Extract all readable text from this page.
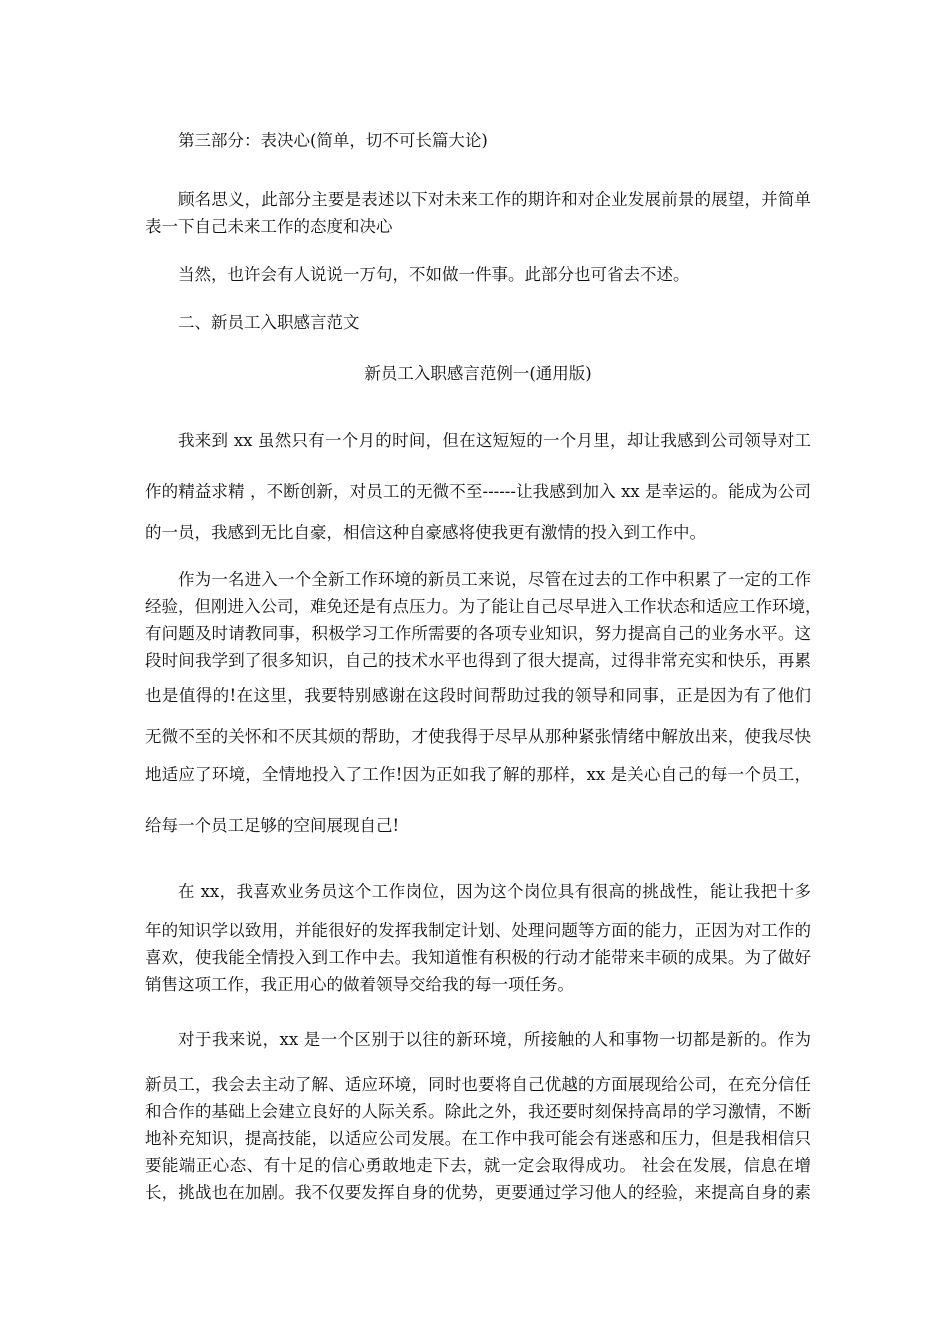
第三部分：表决心(简单，切不可长篇大论)
顾名思义，此部分主要是表述以下对未来工作的期许和对企业发展前景的展望，并简单
表一下自己未来工作的态度和决心
当然，也许会有人说说一万句，不如做一件事。此部分也可省去不述。
二、新员工入职感言范文
新员工入职感言范例一(通用版)
我来到 xx 虽然只有一个月的时间，但在这短短的一个月里，却让我感到公司领导对工
作的精益求精 ，不断创新，对员工的无微不至------让我感到加入 xx 是幸运的。能成为公司
的一员，我感到无比自豪，相信这种自豪感将使我更有激情的投入到工作中。
作为一名进入一个全新工作环境的新员工来说，尽管在过去的工作中积累了一定的工作
经验，但刚进入公司，难免还是有点压力。为了能让自己尽早进入工作状态和适应工作环境，
有问题及时请教同事，积极学习工作所需要的各项专业知识，努力提高自己的业务水平。这
段时间我学到了很多知识，自己的技术水平也得到了很大提高，过得非常充实和快乐，再累
也是值得的!在这里，我要特别感谢在这段时间帮助过我的领导和同事，正是因为有了他们
无微不至的关怀和不厌其烦的帮助，才使我得于尽早从那种紧张情绪中解放出来，使我尽快
地适应了环境，全情地投入了工作!因为正如我了解的那样，xx 是关心自己的每一个员工，
给每一个员工足够的空间展现自己!
在 xx，我喜欢业务员这个工作岗位，因为这个岗位具有很高的挑战性，能让我把十多
年的知识学以致用，并能很好的发挥我制定计划、处理问题等方面的能力，正因为对工作的
喜欢，使我能全情投入到工作中去。我知道惟有积极的行动才能带来丰硕的成果。为了做好
销售这项工作，我正用心的做着领导交给我的每一项任务。
对于我来说，xx 是一个区别于以往的新环境，所接触的人和事物一切都是新的。作为
新员工，我会去主动了解、适应环境，同时也要将自己优越的方面展现给公司，在充分信任
和合作的基础上会建立良好的人际关系。除此之外，我还要时刻保持高昂的学习激情，不断
地补充知识，提高技能，以适应公司发展。在工作中我可能会有迷惑和压力，但是我相信只
要能端正心态、有十足的信心勇敢地走下去，就一定会取得成功。 社会在发展，信息在增
长，挑战也在加剧。我不仅要发挥自身的优势，更要通过学习他人的经验，来提高自身的素
